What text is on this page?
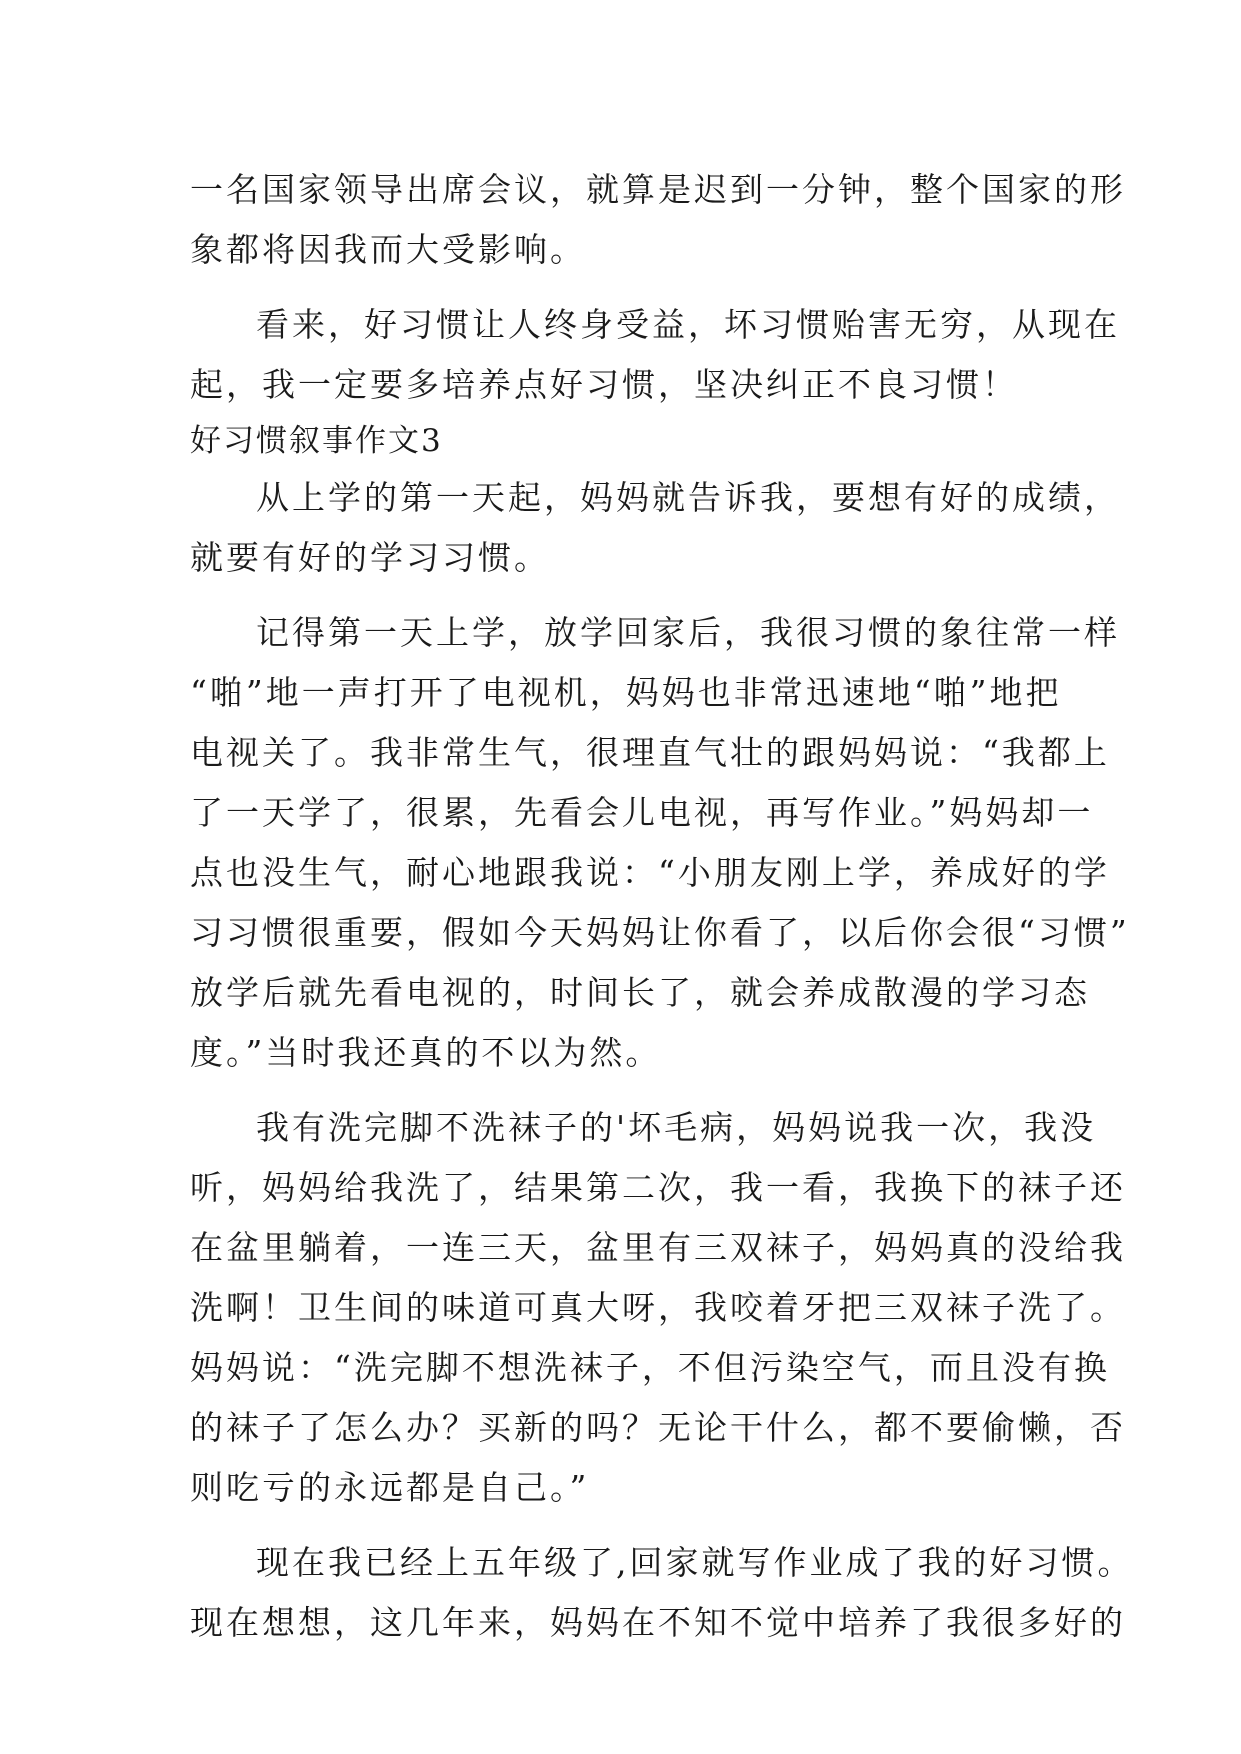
一名国家领导出席会议，就算是迟到一分钟，整个国家的形
象都将因我而大受影响。
看来，好习惯让人终身受益，坏习惯贻害无穷，从现在
起，我一定要多培养点好习惯，坚决纠正不良习惯！
好习惯叙事作文3
从上学的第一天起，妈妈就告诉我，要想有好的成绩，
就要有好的学习习惯。
记得第一天上学，放学回家后，我很习惯的象往常一样
“啪”地一声打开了电视机，妈妈也非常迅速地“啪”地把
电视关了。我非常生气，很理直气壮的跟妈妈说：“我都上
了一天学了，很累，先看会儿电视，再写作业。”妈妈却一
点也没生气，耐心地跟我说：“小朋友刚上学，养成好的学
习习惯很重要，假如今天妈妈让你看了，以后你会很“习惯”
放学后就先看电视的，时间长了，就会养成散漫的学习态
度。”当时我还真的不以为然。
我有洗完脚不洗袜子的'坏毛病，妈妈说我一次，我没
听，妈妈给我洗了，结果第二次，我一看，我换下的袜子还
在盆里躺着，一连三天，盆里有三双袜子，妈妈真的没给我
洗啊！卫生间的味道可真大呀，我咬着牙把三双袜子洗了。
妈妈说：“洗完脚不想洗袜子，不但污染空气，而且没有换
的袜子了怎么办？买新的吗？无论干什么，都不要偷懒，否
则吃亏的永远都是自己。”
现在我已经上五年级了,回家就写作业成了我的好习惯。
现在想想，这几年来，妈妈在不知不觉中培养了我很多好的
